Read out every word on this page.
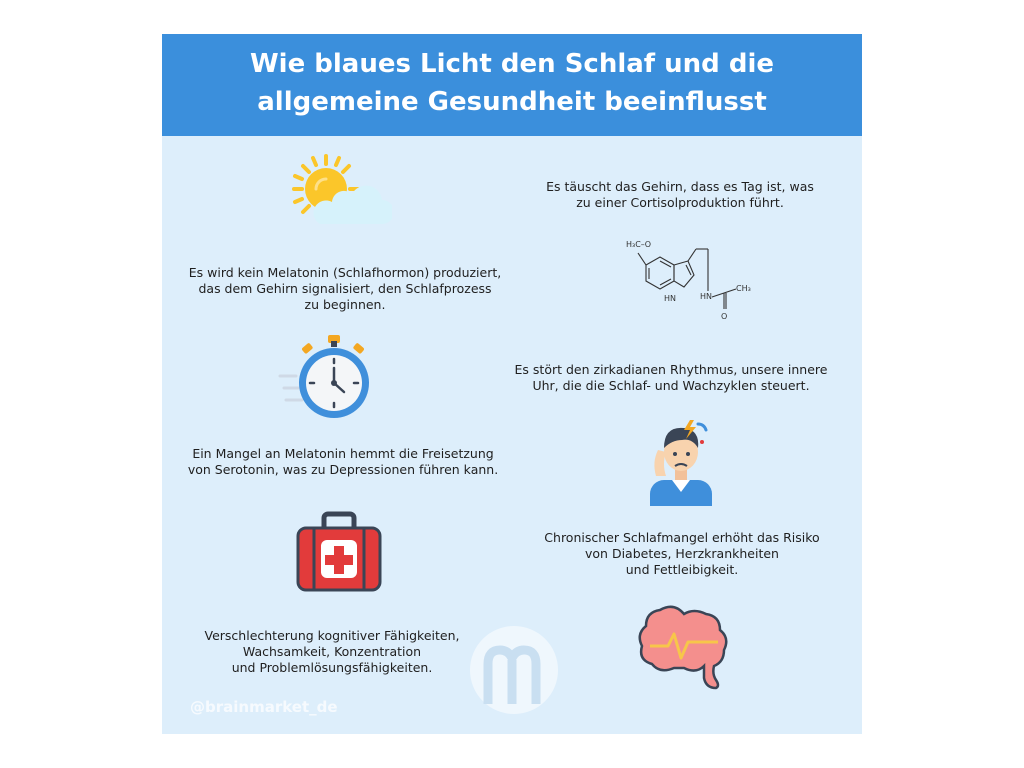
Wie blaues Licht den Schlaf und die
allgemeine Gesundheit beeinflusst

Es wird kein Melatonin (Schlafhormon) produziert,
das dem Gehirn signalisiert, den Schlafprozess
zu beginnen.

Es täuscht das Gehirn, dass es Tag ist, was
zu einer Cortisolproduktion führt.

H₃C–O
HN	HN
CH₃
O

Es stört den zirkadianen Rhythmus, unsere innere
Uhr, die die Schlaf- und Wachzyklen steuert.

Ein Mangel an Melatonin hemmt die Freisetzung
von Serotonin, was zu Depressionen führen kann.

Chronischer Schlafmangel erhöht das Risiko
von Diabetes, Herzkrankheiten
und Fettleibigkeit.

Verschlechterung kognitiver Fähigkeiten,
Wachsamkeit, Konzentration
und Problemlösungsfähigkeiten.

@brainmarket_de
